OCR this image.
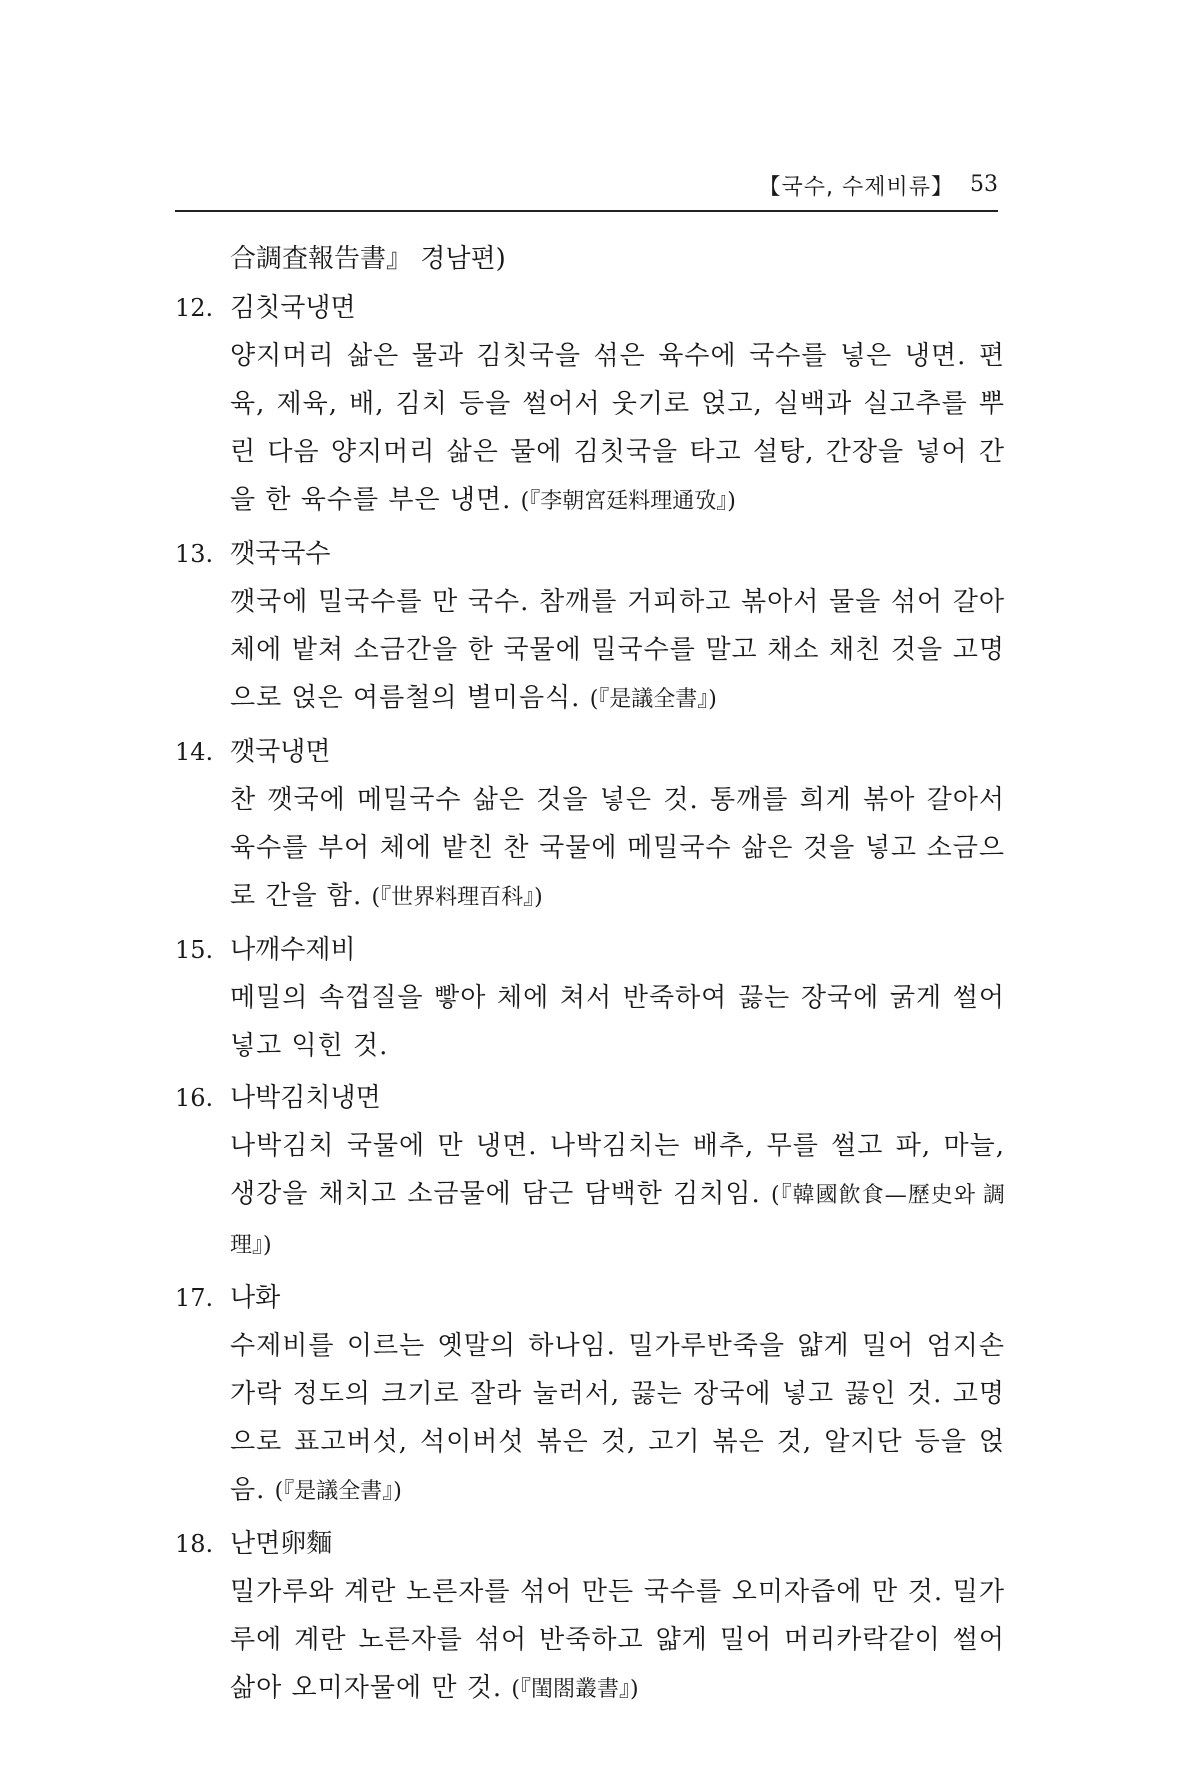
【국수, 수제비류】 53
合調査報告書』 경남편)
12. 김칫국냉면
양지머리 삶은 물과 김칫국을 섞은 육수에 국수를 넣은 냉면. 편육, 제육, 배, 김치 등을 썰어서 웃기로 얹고, 실백과 실고추를 뿌린 다음 양지머리 삶은 물에 김칫국을 타고 설탕, 간장을 넣어 간을 한 육수를 부은 냉면. (『李朝宮廷料理通攷』)
13. 깻국국수
깻국에 밀국수를 만 국수. 참깨를 거피하고 볶아서 물을 섞어 갈아 체에 밭쳐 소금간을 한 국물에 밀국수를 말고 채소 채친 것을 고명으로 얹은 여름철의 별미음식. (『是議全書』)
14. 깻국냉면
찬 깻국에 메밀국수 삶은 것을 넣은 것. 통깨를 희게 볶아 갈아서 육수를 부어 체에 밭친 찬 국물에 메밀국수 삶은 것을 넣고 소금으로 간을 함. (『世界料理百科』)
15. 나깨수제비
메밀의 속껍질을 빻아 체에 쳐서 반죽하여 끓는 장국에 굵게 썰어 넣고 익힌 것.
16. 나박김치냉면
나박김치 국물에 만 냉면. 나박김치는 배추, 무를 썰고 파, 마늘, 생강을 채치고 소금물에 담근 담백한 김치임. (『韓國飮食—歷史와 調理』)
17. 나화
수제비를 이르는 옛말의 하나임. 밀가루반죽을 얇게 밀어 엄지손가락 정도의 크기로 잘라 눌러서, 끓는 장국에 넣고 끓인 것. 고명으로 표고버섯, 석이버섯 볶은 것, 고기 볶은 것, 알지단 등을 얹음. (『是議全書』)
18. 난면卵麵
밀가루와 계란 노른자를 섞어 만든 국수를 오미자즙에 만 것. 밀가루에 계란 노른자를 섞어 반죽하고 얇게 밀어 머리카락같이 썰어 삶아 오미자물에 만 것. (『閨閤叢書』)
